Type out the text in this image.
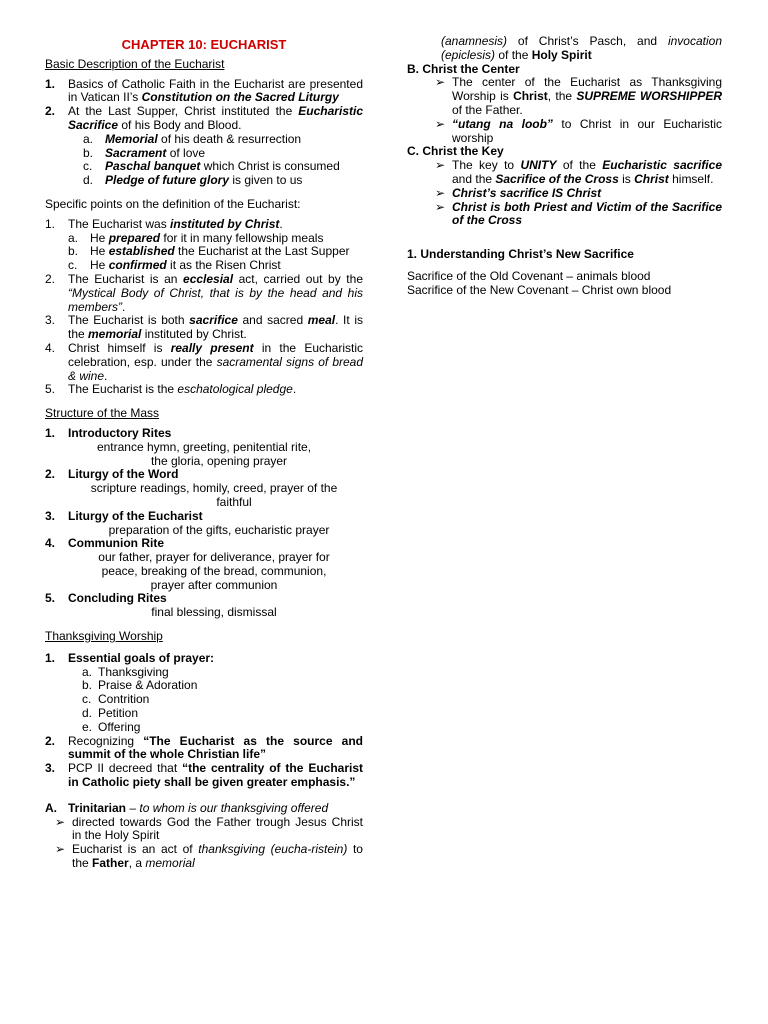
CHAPTER 10: EUCHARIST
Basic Description of the Eucharist
1.	Basics of Catholic Faith in the Eucharist are presented in Vatican II’s Constitution on the Sacred Liturgy
2.	At the Last Supper, Christ instituted the Eucharistic Sacrifice of his Body and Blood.
a. Memorial of his death & resurrection
b. Sacrament of love
c.	Paschal banquet which Christ is consumed
d. Pledge of future glory is given to us
Specific points on the definition of the Eucharist:
1.	The Eucharist was instituted by Christ.
a. He prepared for it in many fellowship meals
b. He established the Eucharist at the Last Supper
c.	He confirmed it as the Risen Christ
2.	The Eucharist is an ecclesial act, carried out by the “Mystical Body of Christ, that is by the head and his members”.
3.	The Eucharist is both sacrifice and sacred meal. It is the memorial instituted by Christ.
4.	Christ himself is really present in the Eucharistic celebration, esp. under the sacramental signs of bread & wine.
5.	The Eucharist is the eschatological pledge.
Structure of the Mass
1.	Introductory Rites
entrance hymn, greeting, penitential rite,
the gloria, opening prayer
2.	Liturgy of the Word
scripture readings, homily, creed, prayer of the
faithful
3.	Liturgy of the Eucharist
preparation of the gifts, eucharistic prayer
4.	Communion Rite
our father, prayer for deliverance, prayer for
peace, breaking of the bread, communion,
prayer after communion
5.	Concluding Rites
final blessing, dismissal
Thanksgiving Worship
1.	Essential goals of prayer:
a. Thanksgiving
b. Praise & Adoration
c. Contrition
d. Petition
e. Offering
2.	Recognizing “The Eucharist as the source and summit of the whole Christian life”
3.	PCP II decreed that “the centrality of the Eucharist in Catholic piety shall be given greater emphasis.”
A. Trinitarian – to whom is our thanksgiving offered
➢ directed towards God the Father trough Jesus Christ in the Holy Spirit
➢ Eucharist is an act of thanksgiving (eucha-ristein) to the Father, a memorial
(anamnesis) of Christ’s Pasch, and invocation (epiclesis) of the Holy Spirit
B. Christ the Center
➢ The center of the Eucharist as Thanksgiving Worship is Christ, the SUPREME WORSHIPPER of the Father.
➢ “utang na loob” to Christ in our Eucharistic worship
C. Christ the Key
➢ The key to UNITY of the Eucharistic sacrifice and the Sacrifice of the Cross is Christ himself.
➢ Christ’s sacrifice IS Christ
➢ Christ is both Priest and Victim of the Sacrifice of the Cross
1. Understanding Christ’s New Sacrifice
Sacrifice of the Old Covenant – animals blood
Sacrifice of the New Covenant – Christ own blood
